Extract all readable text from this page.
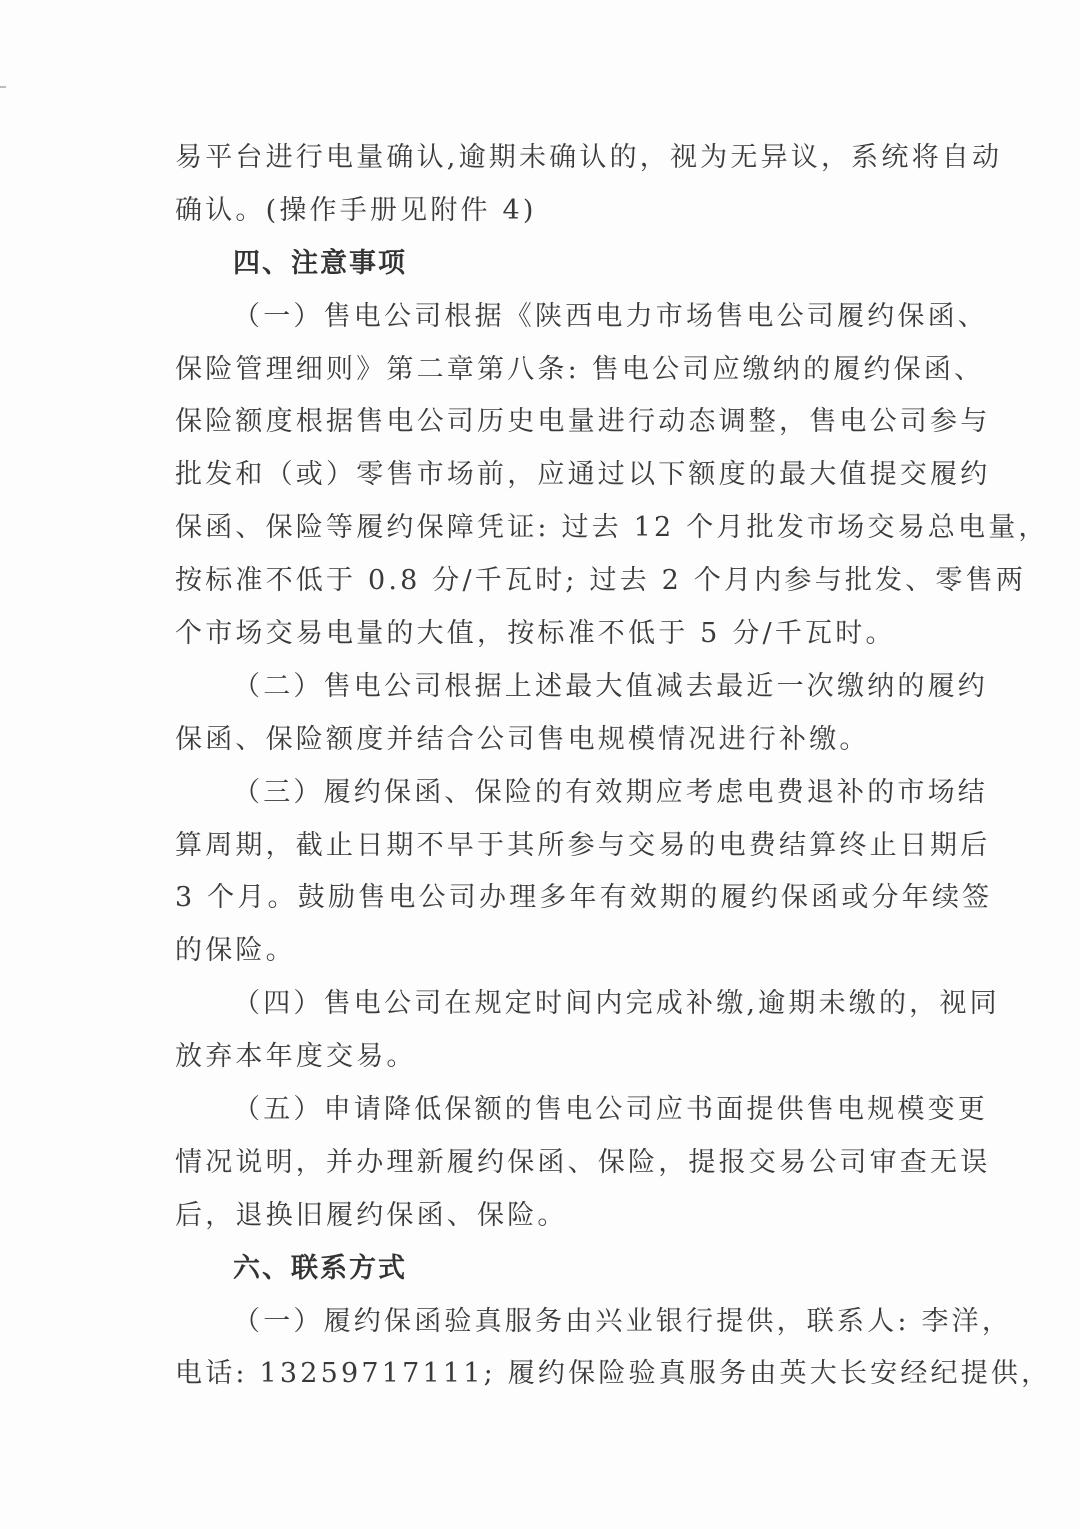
易平台进行电量确认,逾期未确认的，视为无异议，系统将自动
确认。(操作手册见附件 4)
四、注意事项
（一）售电公司根据《陕西电力市场售电公司履约保函、
保险管理细则》第二章第八条: 售电公司应缴纳的履约保函、
保险额度根据售电公司历史电量进行动态调整，售电公司参与
批发和（或）零售市场前，应通过以下额度的最大值提交履约
保函、保险等履约保障凭证: 过去 12 个月批发市场交易总电量，
按标准不低于 0.8 分/千瓦时; 过去 2 个月内参与批发、零售两
个市场交易电量的大值，按标准不低于 5 分/千瓦时。
（二）售电公司根据上述最大值减去最近一次缴纳的履约
保函、保险额度并结合公司售电规模情况进行补缴。
（三）履约保函、保险的有效期应考虑电费退补的市场结
算周期，截止日期不早于其所参与交易的电费结算终止日期后
3 个月。鼓励售电公司办理多年有效期的履约保函或分年续签
的保险。
（四）售电公司在规定时间内完成补缴,逾期未缴的，视同
放弃本年度交易。
（五）申请降低保额的售电公司应书面提供售电规模变更
情况说明，并办理新履约保函、保险，提报交易公司审查无误
后，退换旧履约保函、保险。
六、联系方式
（一）履约保函验真服务由兴业银行提供，联系人: 李洋，
电话: 13259717111; 履约保险验真服务由英大长安经纪提供，
